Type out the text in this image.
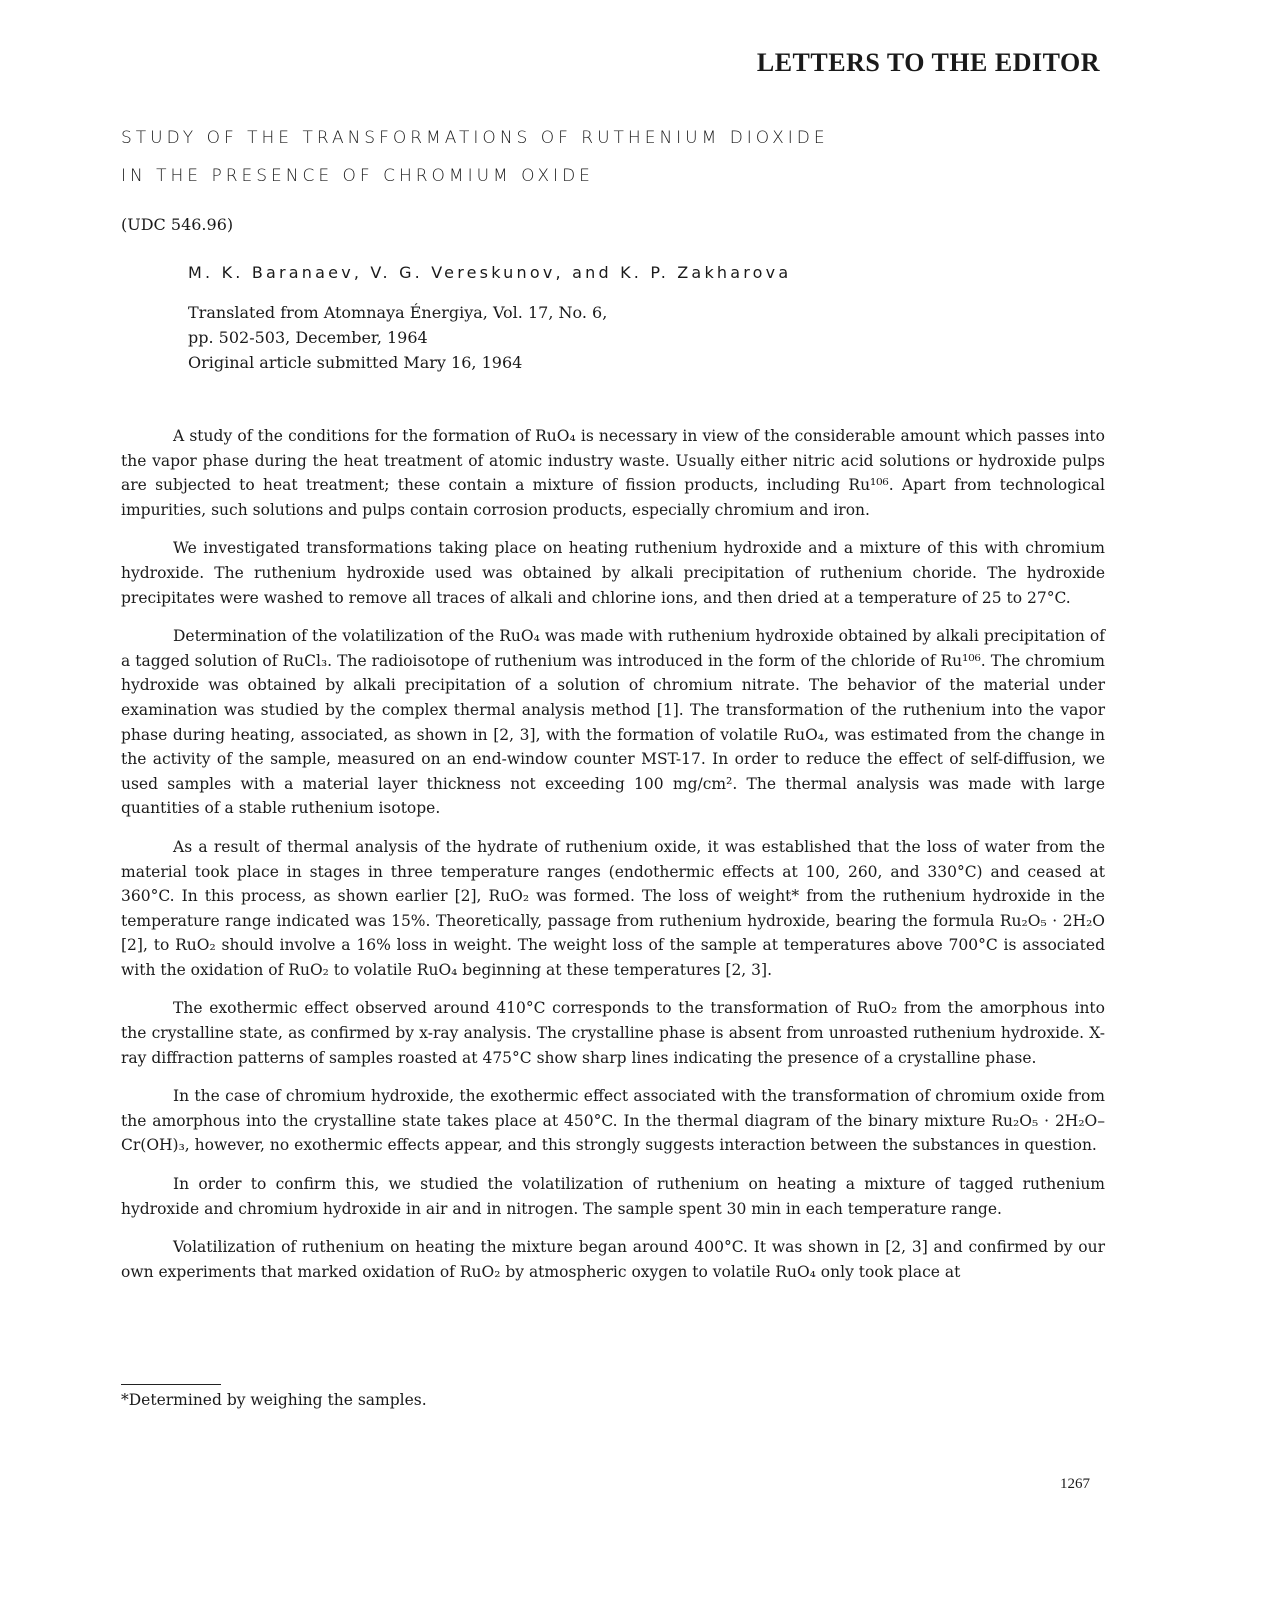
LETTERS TO THE EDITOR
STUDY OF THE TRANSFORMATIONS OF RUTHENIUM DIOXIDE
IN THE PRESENCE OF CHROMIUM OXIDE
(UDC 546.96)
M. K. Baranaev, V. G. Vereskunov, and K. P. Zakharova
Translated from Atomnaya Énergiya, Vol. 17, No. 6,
pp. 502-503, December, 1964
Original article submitted Mary 16, 1964

A study of the conditions for the formation of RuO₄ is necessary in view of the considerable amount which passes into the vapor phase during the heat treatment of atomic industry waste. Usually either nitric acid solutions or hydroxide pulps are subjected to heat treatment; these contain a mixture of fission products, including Ru¹⁰⁶. Apart from technological impurities, such solutions and pulps contain corrosion products, especially chromium and iron.

We investigated transformations taking place on heating ruthenium hydroxide and a mixture of this with chromium hydroxide. The ruthenium hydroxide used was obtained by alkali precipitation of ruthenium choride. The hydroxide precipitates were washed to remove all traces of alkali and chlorine ions, and then dried at a temperature of 25 to 27°C.

Determination of the volatilization of the RuO₄ was made with ruthenium hydroxide obtained by alkali precipitation of a tagged solution of RuCl₃. The radioisotope of ruthenium was introduced in the form of the chloride of Ru¹⁰⁶. The chromium hydroxide was obtained by alkali precipitation of a solution of chromium nitrate. The behavior of the material under examination was studied by the complex thermal analysis method [1]. The transformation of the ruthenium into the vapor phase during heating, associated, as shown in [2, 3], with the formation of volatile RuO₄, was estimated from the change in the activity of the sample, measured on an end-window counter MST-17. In order to reduce the effect of self-diffusion, we used samples with a material layer thickness not exceeding 100 mg/cm². The thermal analysis was made with large quantities of a stable ruthenium isotope.

As a result of thermal analysis of the hydrate of ruthenium oxide, it was established that the loss of water from the material took place in stages in three temperature ranges (endothermic effects at 100, 260, and 330°C) and ceased at 360°C. In this process, as shown earlier [2], RuO₂ was formed. The loss of weight* from the ruthenium hydroxide in the temperature range indicated was 15%. Theoretically, passage from ruthenium hydroxide, bearing the formula Ru₂O₅ · 2H₂O [2], to RuO₂ should involve a 16% loss in weight. The weight loss of the sample at temperatures above 700°C is associated with the oxidation of RuO₂ to volatile RuO₄ beginning at these temperatures [2, 3].

The exothermic effect observed around 410°C corresponds to the transformation of RuO₂ from the amorphous into the crystalline state, as confirmed by x-ray analysis. The crystalline phase is absent from unroasted ruthenium hydroxide. X-ray diffraction patterns of samples roasted at 475°C show sharp lines indicating the presence of a crystalline phase.

In the case of chromium hydroxide, the exothermic effect associated with the transformation of chromium oxide from the amorphous into the crystalline state takes place at 450°C. In the thermal diagram of the binary mixture Ru₂O₅ · 2H₂O–Cr(OH)₃, however, no exothermic effects appear, and this strongly suggests interaction between the substances in question.

In order to confirm this, we studied the volatilization of ruthenium on heating a mixture of tagged ruthenium hydroxide and chromium hydroxide in air and in nitrogen. The sample spent 30 min in each temperature range.

Volatilization of ruthenium on heating the mixture began around 400°C. It was shown in [2, 3] and confirmed by our own experiments that marked oxidation of RuO₂ by atmospheric oxygen to volatile RuO₄ only took place at

*Determined by weighing the samples.
1267
